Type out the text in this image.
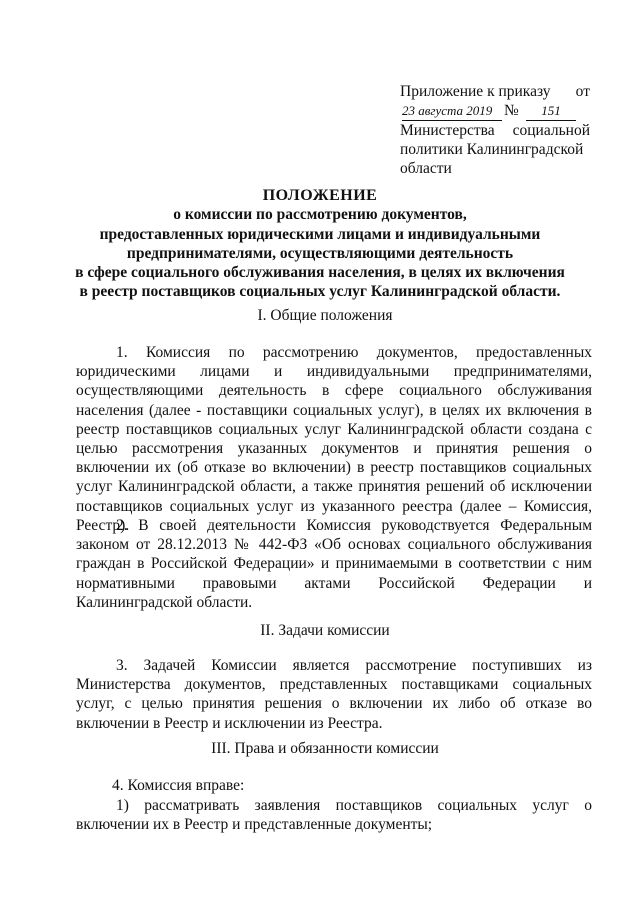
Приложение к приказу от
23 августа 2019 №	151
Министерства социальной
политики Калининградской
области
ПОЛОЖЕНИЕ
о комиссии по рассмотрению документов,
предоставленных юридическими лицами и индивидуальными
предпринимателями, осуществляющими деятельность
в сфере социального обслуживания населения, в целях их включения
в реестр поставщиков социальных услуг Калининградской области.
I. Общие положения
1. Комиссия по рассмотрению документов, предоставленных юридическими лицами и индивидуальными предпринимателями, осуществляющими деятельность в сфере социального обслуживания населения (далее - поставщики социальных услуг), в целях их включения в реестр поставщиков социальных услуг Калининградской области создана с целью рассмотрения указанных документов и принятия решения о включении их (об отказе во включении) в реестр поставщиков социальных услуг Калининградской области, а также принятия решений об исключении поставщиков социальных услуг из указанного реестра (далее – Комиссия, Реестр).
2. В своей деятельности Комиссия руководствуется Федеральным законом от 28.12.2013 № 442-ФЗ «Об основах социального обслуживания граждан в Российской Федерации» и принимаемыми в соответствии с ним нормативными правовыми актами Российской Федерации и Калининградской области.
II. Задачи комиссии
3. Задачей Комиссии является рассмотрение поступивших из Министерства документов, представленных поставщиками социальных услуг, с целью принятия решения о включении их либо об отказе во включении в Реестр и исключении из Реестра.
III. Права и обязанности комиссии
4. Комиссия вправе:
1) рассматривать заявления поставщиков социальных услуг о включении их в Реестр и представленные документы;
